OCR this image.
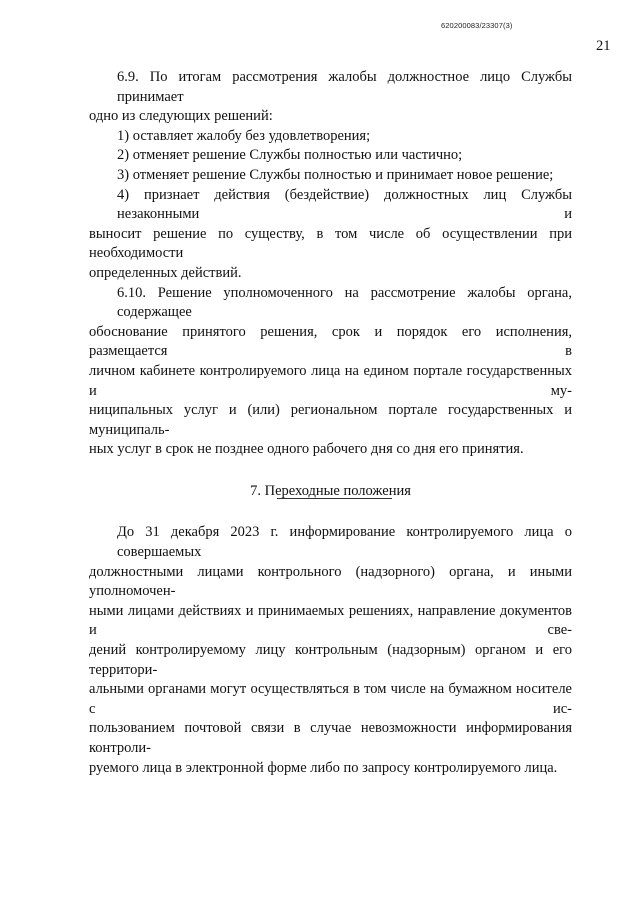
620200083/23307(3)
21

6.9. По итогам рассмотрения жалобы должностное лицо Службы принимает
одно из следующих решений:

1) оставляет жалобу без удовлетворения;
2) отменяет решение Службы полностью или частично;
3) отменяет решение Службы полностью и принимает новое решение;

4) признает действия (бездействие) должностных лиц Службы незаконными и
выносит решение по существу, в том числе об осуществлении при необходимости
определенных действий.

6.10. Решение уполномоченного на рассмотрение жалобы органа, содержащее
обоснование принятого решения, срок и порядок его исполнения, размещается в
личном кабинете контролируемого лица на едином портале государственных и му-
ниципальных услуг и (или) региональном портале государственных и муниципаль-
ных услуг в срок не позднее одного рабочего дня со дня его принятия.

7. Переходные положения

До 31 декабря 2023 г. информирование контролируемого лица о совершаемых
должностными лицами контрольного (надзорного) органа, и иными уполномочен-
ными лицами действиях и принимаемых решениях, направление документов и све-
дений контролируемому лицу контрольным (надзорным) органом и его территори-
альными органами могут осуществляться в том числе на бумажном носителе с ис-
пользованием почтовой связи в случае невозможности информирования контроли-
руемого лица в электронной форме либо по запросу контролируемого лица.
